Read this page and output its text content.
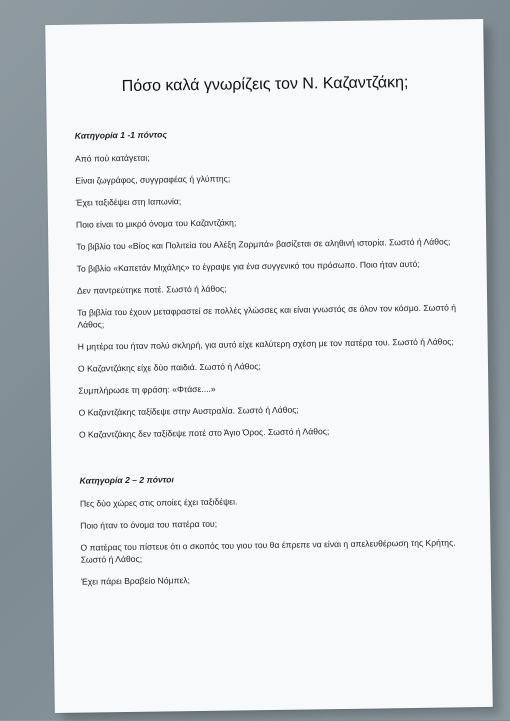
Πόσο καλά γνωρίζεις τον Ν. Καζαντζάκη;
Κατηγορία 1 -1 πόντος
Από πού κατάγεται;
Είναι ζωγράφος, συγγραφέας ή γλύπτης;
Έχει ταξιδέψει στη Ιαπωνία;
Ποιο είναι το μικρό όνομα του Καζαντζάκη;
Το βιβλίο του «Βίος και Πολιτεία του Αλέξη Ζορμπά» βασίζεται σε αληθινή ιστορία. Σωστό ή Λάθος;
Το βιβλίο «Καπετάν Μιχάλης» το έγραψε για ένα συγγενικό του πρόσωπο. Ποιο ήταν αυτό;
Δεν παντρεύτηκε ποτέ. Σωστό ή λάθος;
Τα βιβλία του έχουν μεταφραστεί σε πολλές γλώσσες και είναι γνωστός σε όλον τον κόσμο. Σωστό ή Λάθος;
Η μητέρα του ήταν πολύ σκληρή, για αυτό είχε καλύτερη σχέση με τον πατέρα του. Σωστό ή Λάθος;
Ο Καζαντζάκης είχε δύο παιδιά. Σωστό ή Λάθος;
Συμπλήρωσε τη φράση: «Φτάσε....»
Ο Καζαντζάκης ταξίδεψε στην Αυστραλία. Σωστό ή Λάθος;
Ο Καζαντζάκης δεν ταξίδεψε ποτέ στο Άγιο Όρος. Σωστό ή Λάθος;
Κατηγορία 2 – 2 πόντοι
Πες δύο χώρες στις οποίες έχει ταξιδέψει.
Ποιο ήταν το όνομα του πατέρα του;
Ο πατέρας του πίστευε ότι ο σκοπός του γιου του θα έπρεπε να είναι η απελευθέρωση της Κρήτης. Σωστό ή Λάθος;
Έχει πάρει Βραβείο Νόμπελ;
